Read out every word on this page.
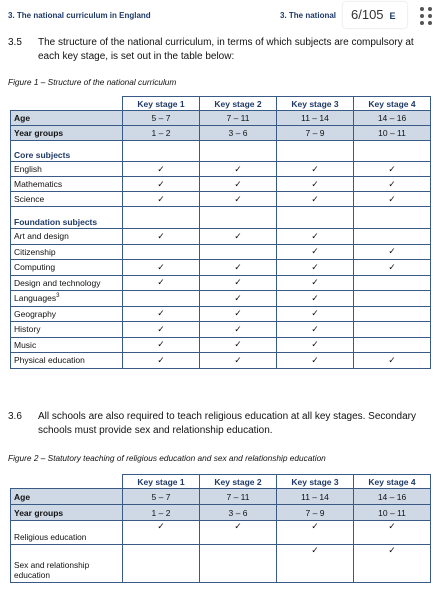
3. The national curriculum in England	3. The national	6/105 E
3.5 The structure of the national curriculum, in terms of which subjects are compulsory at each key stage, is set out in the table below:
Figure 1 – Structure of the national curriculum
	Key stage 1	Key stage 2	Key stage 3	Key stage 4
Age	5 – 7	7 – 11	11 – 14	14 – 16
Year groups	1 – 2	3 – 6	7 – 9	10 – 11
Core subjects				
English	✓	✓	✓	✓
Mathematics	✓	✓	✓	✓
Science	✓	✓	✓	✓
Foundation subjects				
Art and design	✓	✓	✓	
Citizenship			✓	✓
Computing	✓	✓	✓	✓
Design and technology	✓	✓	✓	
Languages$^3$		✓	✓	
Geography	✓	✓	✓	
History	✓	✓	✓	
Music	✓	✓	✓	
Physical education	✓	✓	✓	✓
3.6 All schools are also required to teach religious education at all key stages. Secondary schools must provide sex and relationship education.
Figure 2 – Statutory teaching of religious education and sex and relationship education
	Key stage 1	Key stage 2	Key stage 3	Key stage 4
Age	5 – 7	7 – 11	11 – 14	14 – 16
Year groups	1 – 2	3 – 6	7 – 9	10 – 11
Religious education	✓	✓	✓	✓
Sex and relationship education			✓	✓
